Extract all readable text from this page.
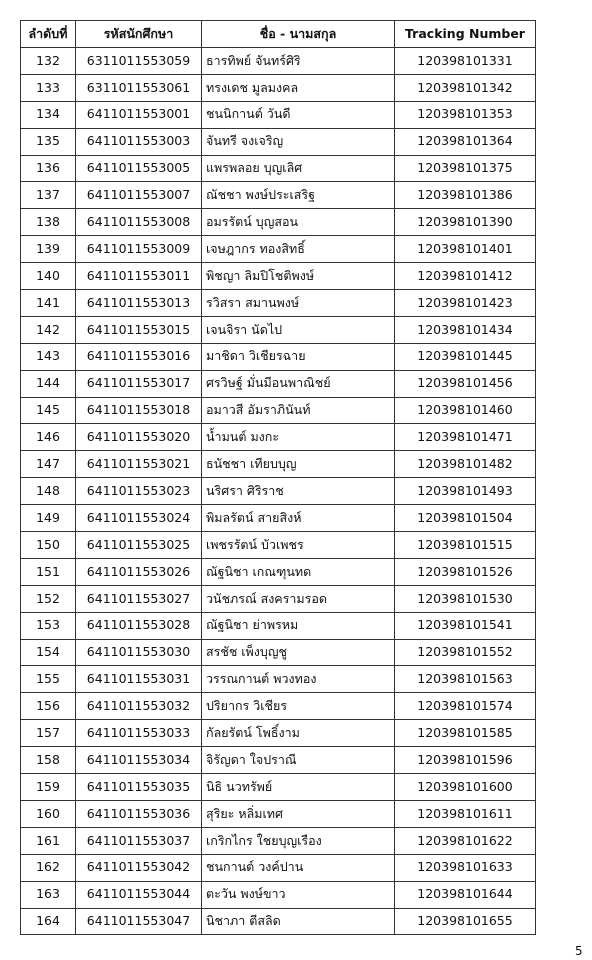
ลำดับที่	รหัสนักศึกษา	ชื่อ - นามสกุล	Tracking Number
132	6311011553059	ธารทิพย์ จันทร์ศิริ	120398101331
133	6311011553061	ทรงเดช มูลมงคล	120398101342
134	6411011553001	ชนนิกานต์ วันดี	120398101353
135	6411011553003	จันทรี จงเจริญ	120398101364
136	6411011553005	แพรพลอย บุญเลิศ	120398101375
137	6411011553007	ณัชชา พงษ์ประเสริฐ	120398101386
138	6411011553008	อมรรัตน์ บุญสอน	120398101390
139	6411011553009	เจษฎากร ทองสิทธิ์	120398101401
140	6411011553011	พิชญา ลิมปิโชติพงษ์	120398101412
141	6411011553013	รวิสรา สมานพงษ์	120398101423
142	6411011553015	เจนจิรา นัดไป	120398101434
143	6411011553016	มาชิดา วิเชียรฉาย	120398101445
144	6411011553017	ศรวิษฐ์ มั่นมีอนพาณิชย์	120398101456
145	6411011553018	อมาวสี อัมราภินันท์	120398101460
146	6411011553020	น้ำมนต์ มงกะ	120398101471
147	6411011553021	ธนัชชา เทียบบุญ	120398101482
148	6411011553023	นริศรา ศิริราช	120398101493
149	6411011553024	พิมลรัตน์ สายสิงห์	120398101504
150	6411011553025	เพชรรัตน์ บัวเพชร	120398101515
151	6411011553026	ณัฐนิชา เกณฑุนทด	120398101526
152	6411011553027	วนัชภรณ์ สงครามรอด	120398101530
153	6411011553028	ณัฐนิชา ย่าพรหม	120398101541
154	6411011553030	สรชัช เพ็งบุญชู	120398101552
155	6411011553031	วรรณกานต์ พวงทอง	120398101563
156	6411011553032	ปริยากร วิเชียร	120398101574
157	6411011553033	กัลยรัตน์ โพธิ์งาม	120398101585
158	6411011553034	จิรัญดา ใจปราณี	120398101596
159	6411011553035	นิธิ นวทรัพย์	120398101600
160	6411011553036	สุริยะ หลิ่มเทศ	120398101611
161	6411011553037	เกริกไกร ใชยบุญเรือง	120398101622
162	6411011553042	ชนกานต์ วงค์ปาน	120398101633
163	6411011553044	ตะวัน พงษ์ขาว	120398101644
164	6411011553047	นิชาภา ตีสลิด	120398101655
5
